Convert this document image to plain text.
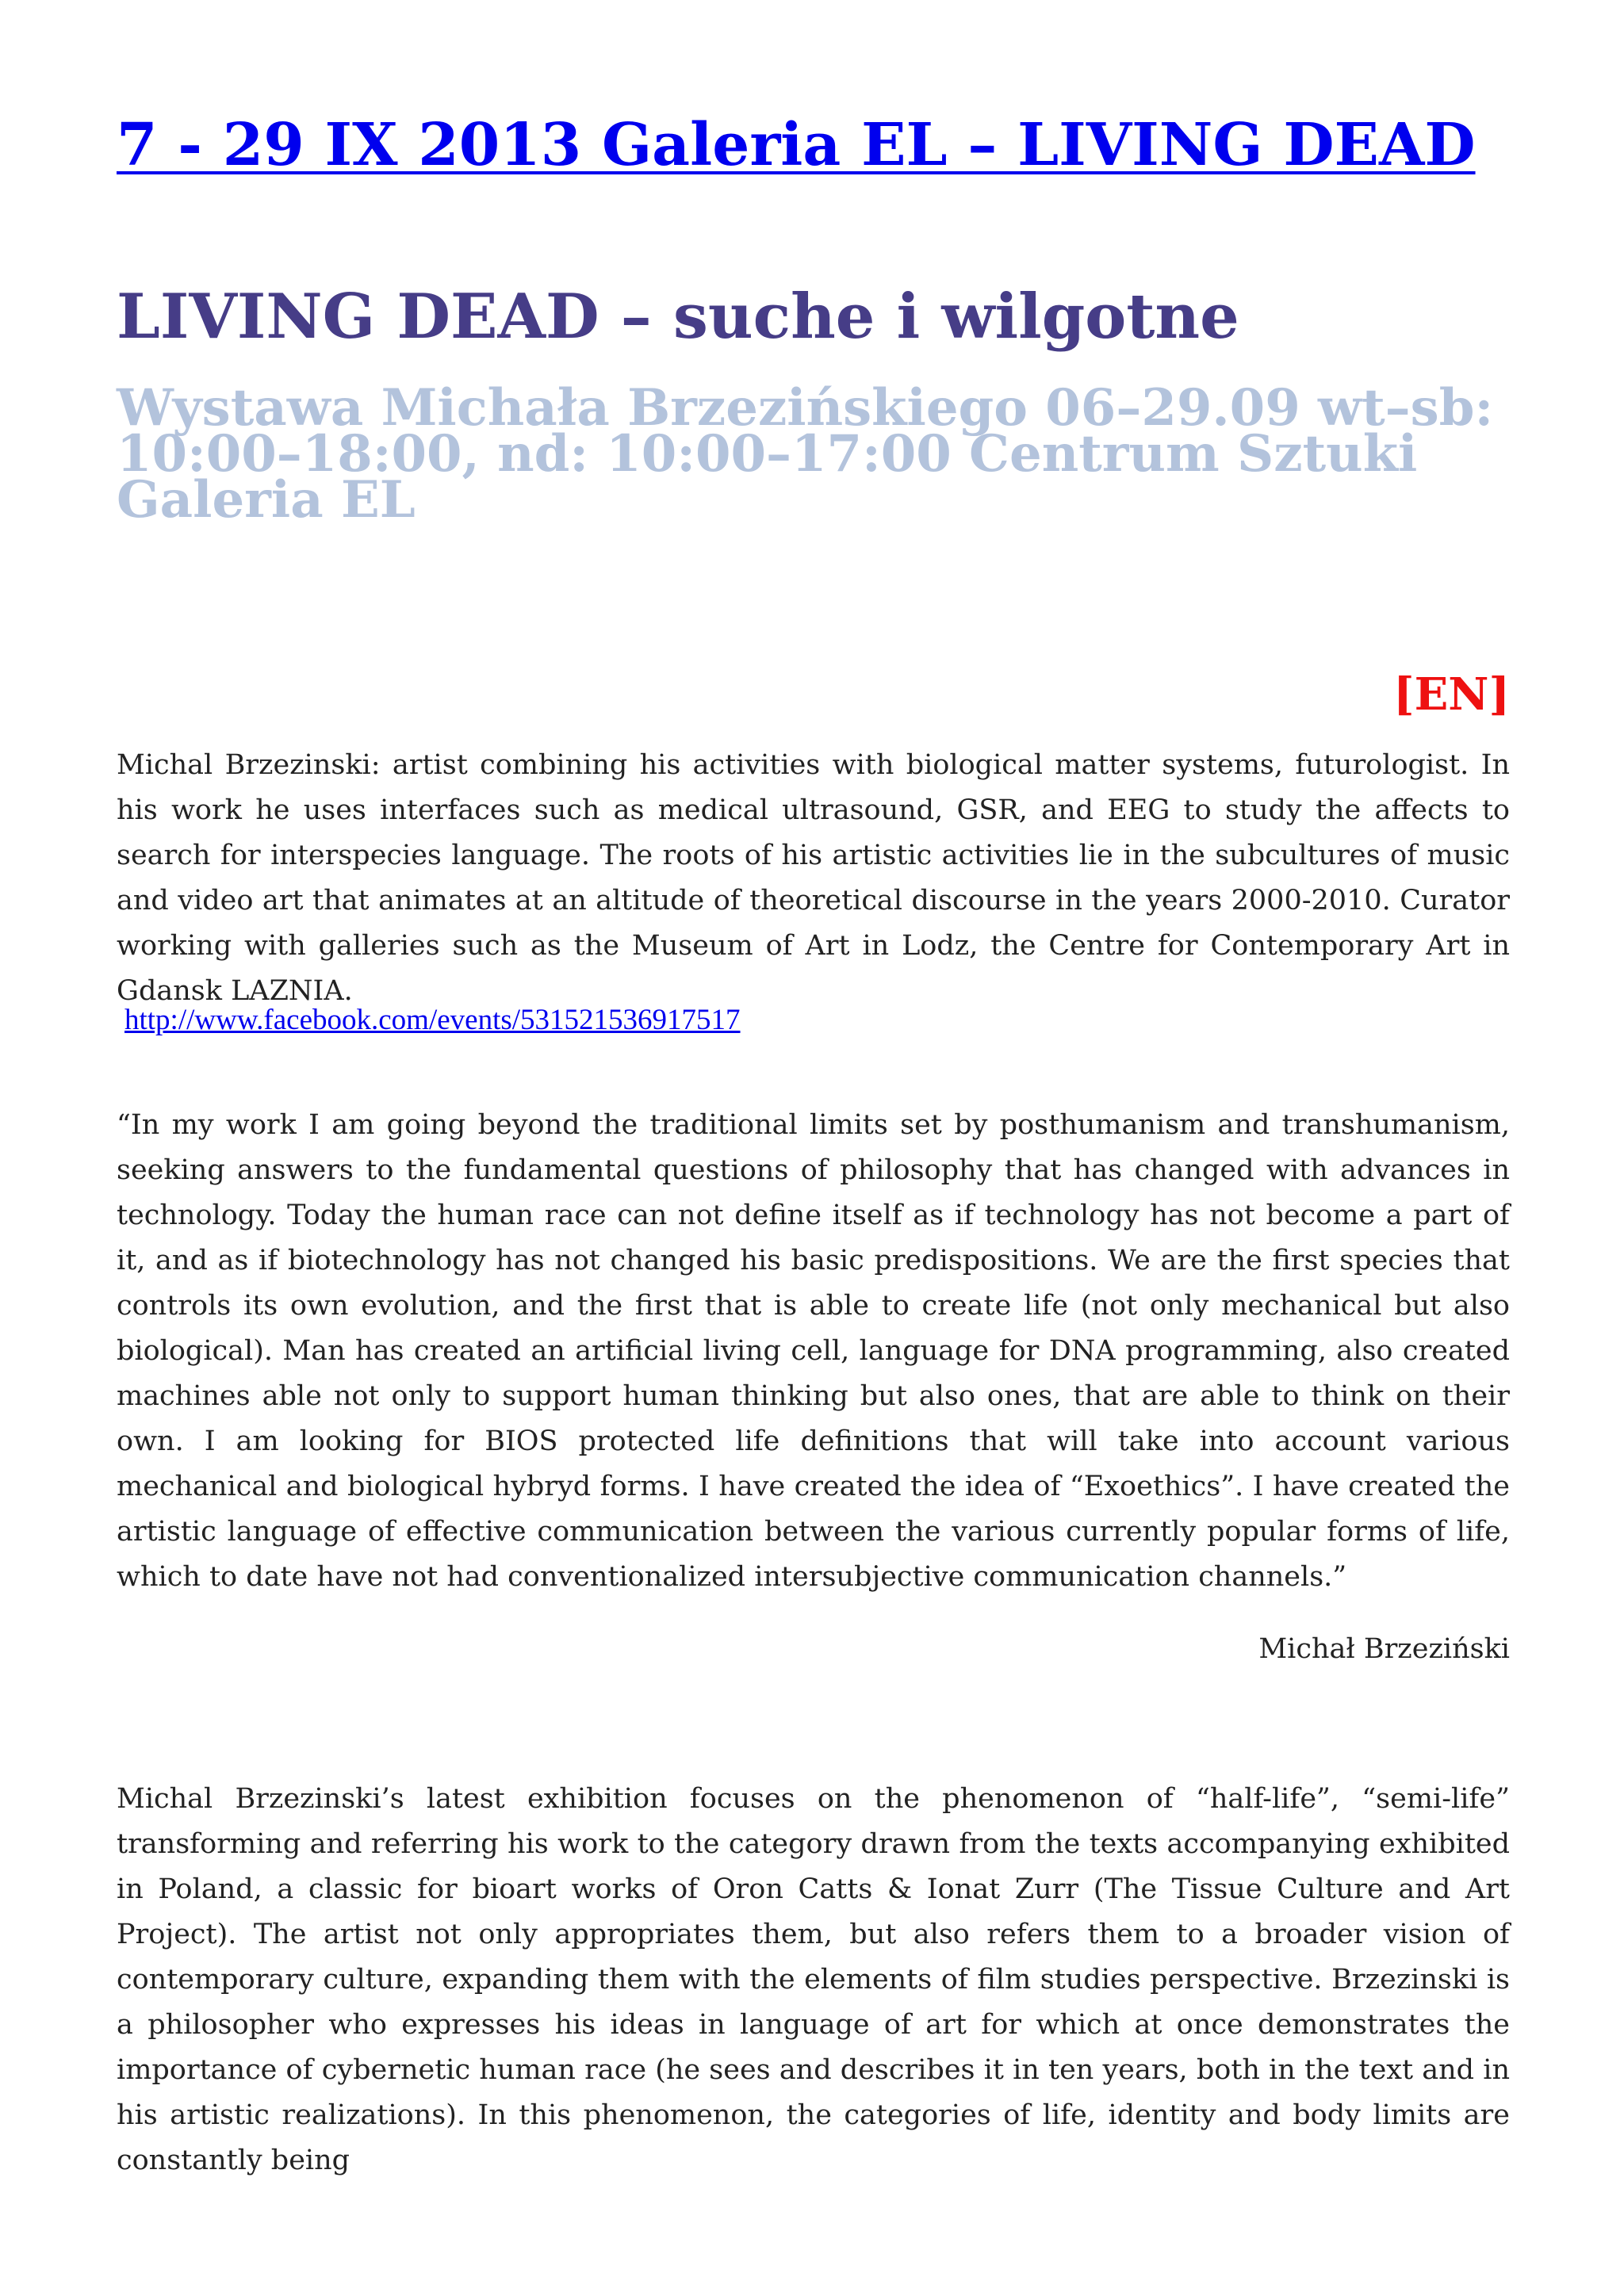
7 - 29 IX 2013 Galeria EL – LIVING DEAD
LIVING DEAD – suche i wilgotne
Wystawa Michała Brzezińskiego 06–29.09 wt–sb: 10:00–18:00, nd: 10:00–17:00 Centrum Sztuki Galeria EL
[EN]

Michal Brzezinski: artist combining his activities with biological matter systems, futurologist. In his work he uses interfaces such as medical ultrasound, GSR, and EEG to study the affects to search for interspecies language. The roots of his artistic activities lie in the subcultures of music and video art that animates at an altitude of theoretical discourse in the years 2000-2010. Curator working with galleries such as the Museum of Art in Lodz, the Centre for Contemporary Art in Gdansk LAZNIA.

http://www.facebook.com/events/531521536917517

“In my work I am going beyond the traditional limits set by posthumanism and transhumanism, seeking answers to the fundamental questions of philosophy that has changed with advances in technology. Today the human race can not define itself as if technology has not become a part of it, and as if biotechnology has not changed his basic predispositions. We are the first species that controls its own evolution, and the first that is able to create life (not only mechanical but also biological). Man has created an artificial living cell, language for DNA programming, also created machines able not only to support human thinking but also ones, that are able to think on their own. I am looking for BIOS protected life definitions that will take into account various mechanical and biological hybryd forms. I have created the idea of “Exoethics”. I have created the artistic language of effective communication between the various currently popular forms of life, which to date have not had conventionalized intersubjective communication channels.”

Michał Brzeziński

Michal Brzezinski’s latest exhibition focuses on the phenomenon of “half-life”, “semi-life” transforming and referring his work to the category drawn from the texts accompanying exhibited in Poland, a classic for bioart works of Oron Catts & Ionat Zurr (The Tissue Culture and Art Project). The artist not only appropriates them, but also refers them to a broader vision of contemporary culture, expanding them with the elements of film studies perspective. Brzezinski is a philosopher who expresses his ideas in language of art for which at once demonstrates the importance of cybernetic human race (he sees and describes it in ten years, both in the text and in his artistic realizations). In this phenomenon, the categories of life, identity and body limits are constantly being
